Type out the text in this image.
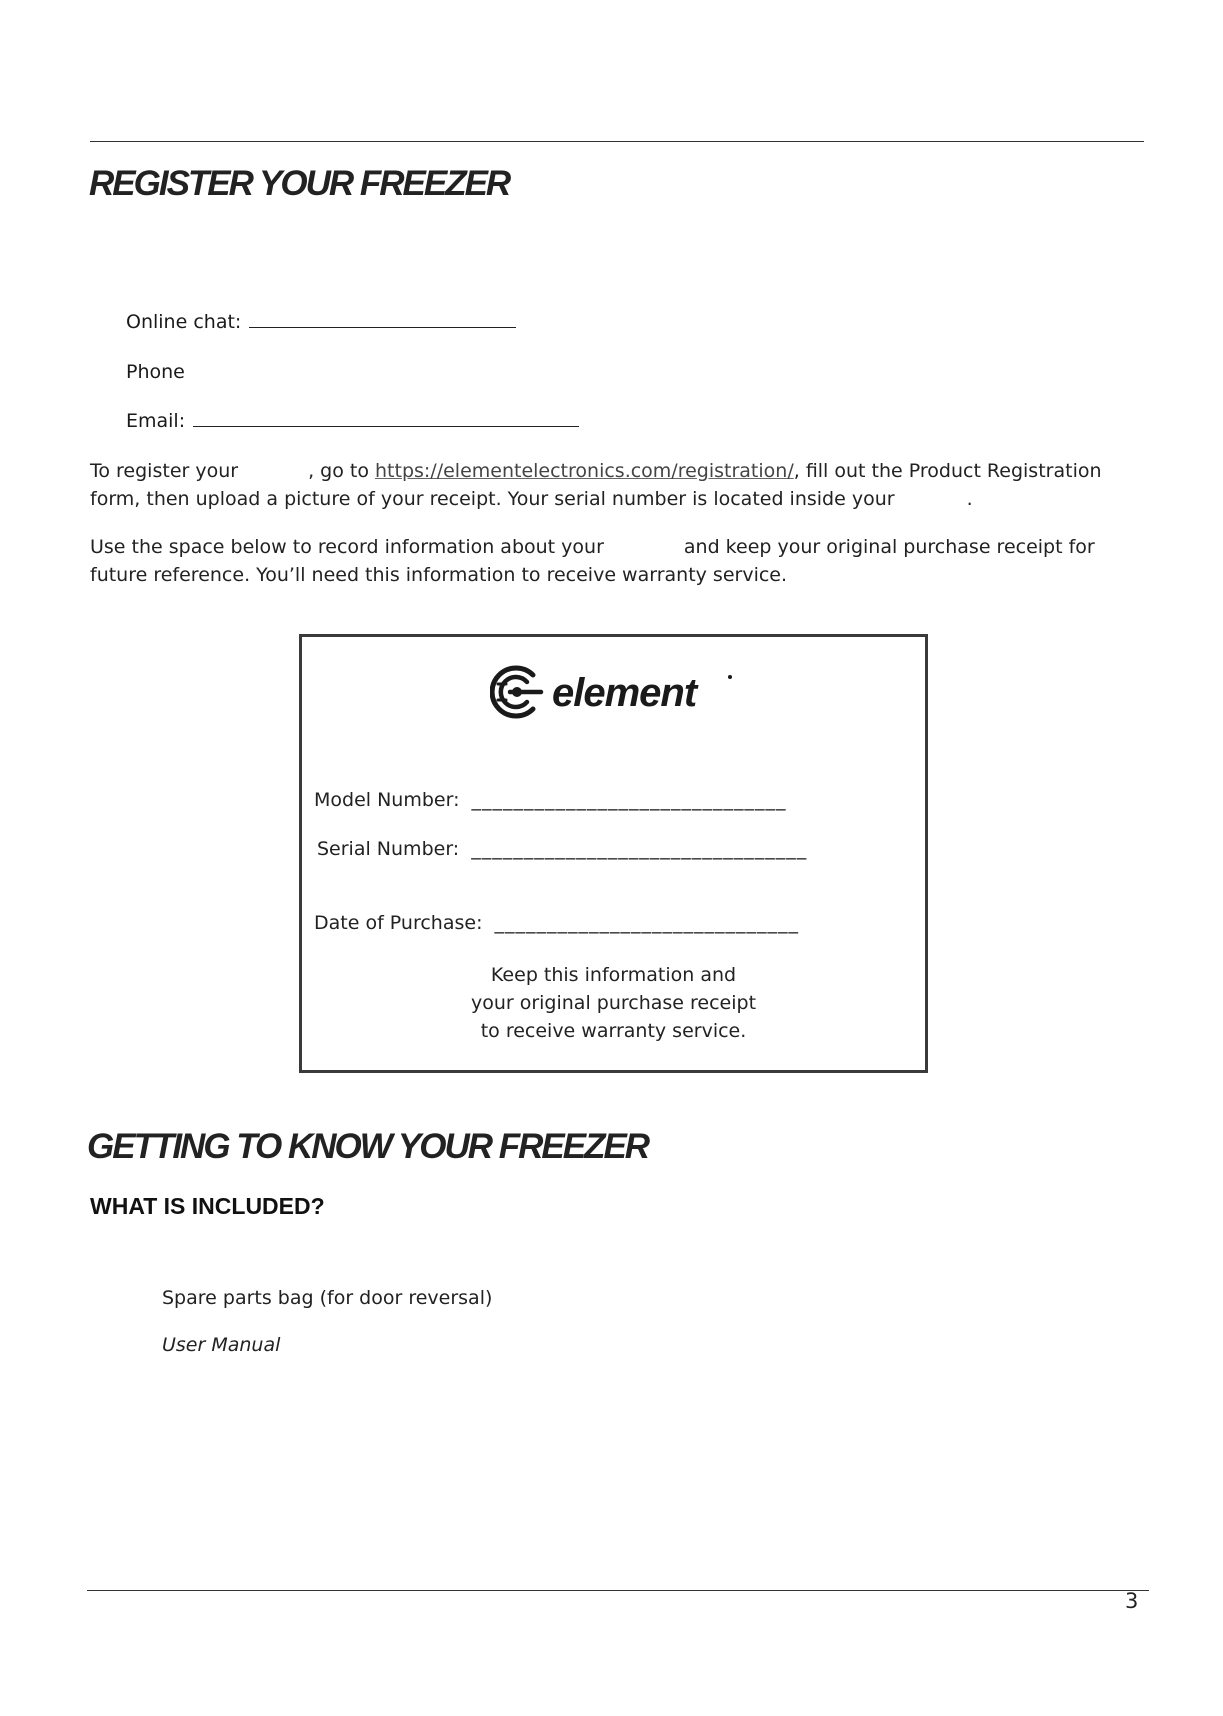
REGISTER YOUR FREEZER
Online chat:
Phone
Email:

To register your	, go to https://elementelectronics.com/registration/, fill out the Product Registration form, then upload a picture of your receipt. Your serial number is located inside your	.

Use the space below to record information about your	and keep your original purchase receipt for future reference. You’ll need this information to receive warranty service.

element
Model Number: ______________________________
Serial Number: ________________________________
Date of Purchase: _____________________________
Keep this information and
your original purchase receipt
to receive warranty service.
GETTING TO KNOW YOUR FREEZER
WHAT IS INCLUDED?
Spare parts bag (for door reversal)
User Manual
3
